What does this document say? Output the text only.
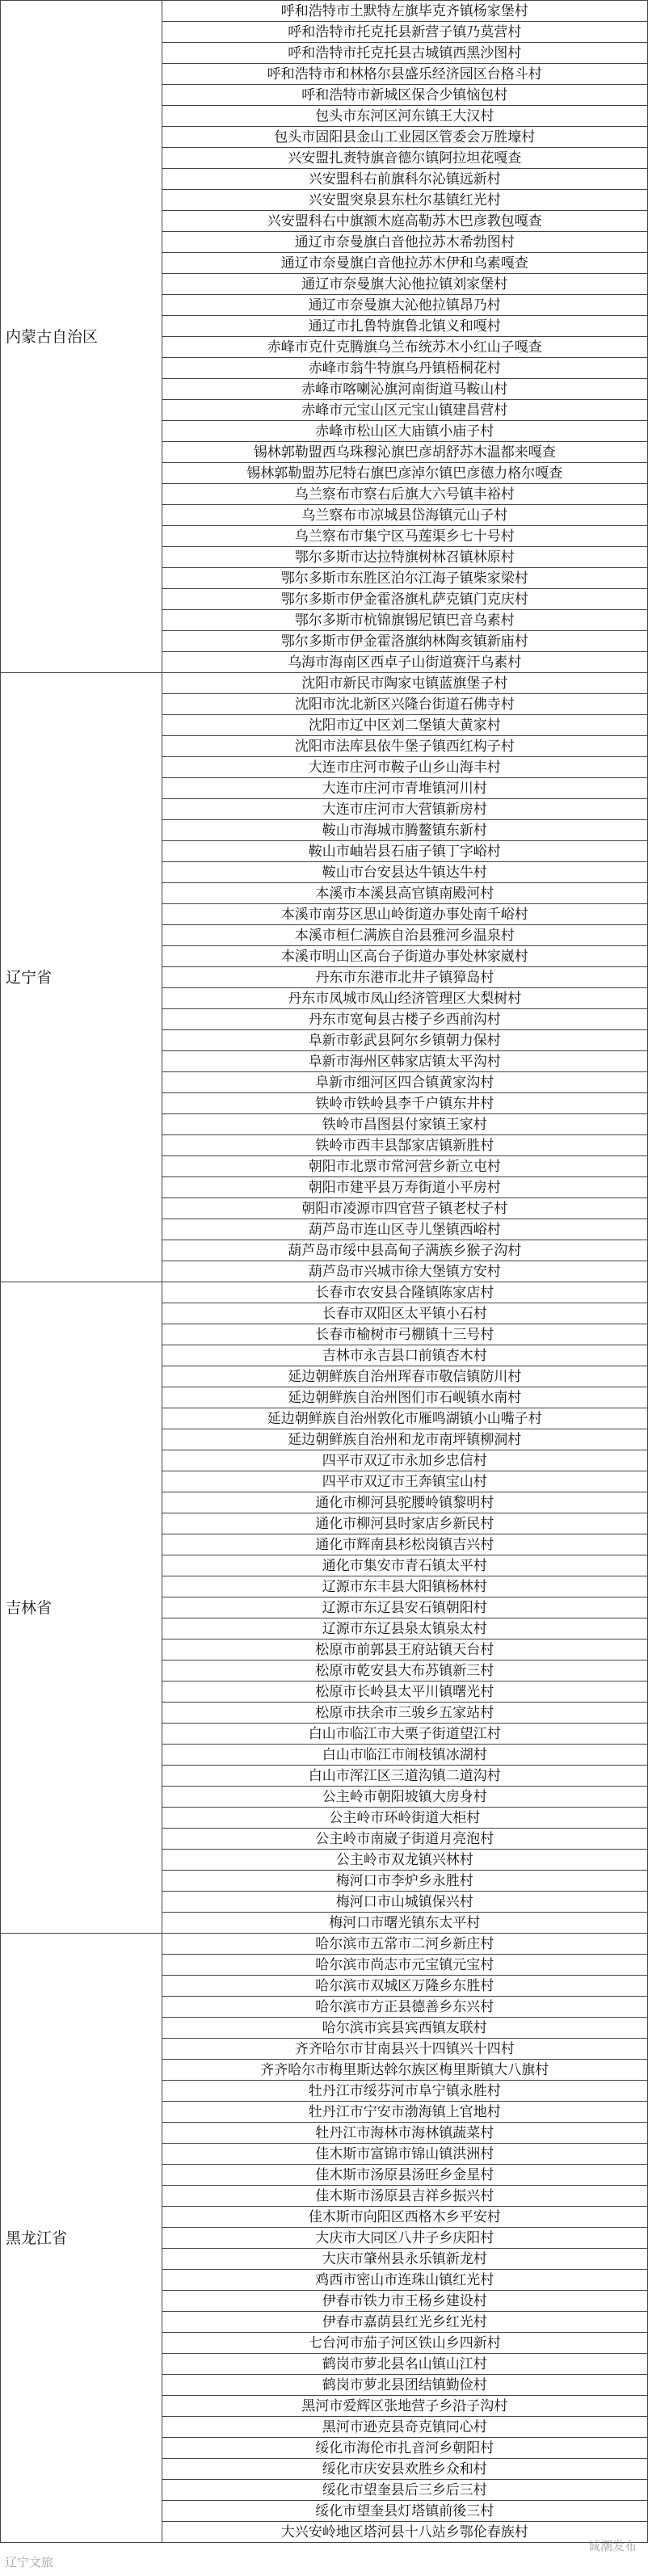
内蒙古自治区	呼和浩特市土默特左旗毕克齐镇杨家堡村
	呼和浩特市托克托县新营子镇乃莫营村
	呼和浩特市托克托县古城镇西黑沙图村
	呼和浩特市和林格尔县盛乐经济园区台格斗村
	呼和浩特市新城区保合少镇恼包村
	包头市东河区河东镇王大汉村
	包头市固阳县金山工业园区管委会万胜壕村
	兴安盟扎赉特旗音德尔镇阿拉坦花嘎查
	兴安盟科右前旗科尔沁镇远新村
	兴安盟突泉县东杜尔基镇红光村
	兴安盟科右中旗额木庭高勒苏木巴彦教包嘎查
	通辽市奈曼旗白音他拉苏木希勃图村
	通辽市奈曼旗白音他拉苏木伊和乌素嘎查
	通辽市奈曼旗大沁他拉镇刘家堡村
	通辽市奈曼旗大沁他拉镇昂乃村
	通辽市扎鲁特旗鲁北镇义和嘎村
	赤峰市克什克腾旗乌兰布统苏木小红山子嘎查
	赤峰市翁牛特旗乌丹镇梧桐花村
	赤峰市喀喇沁旗河南街道马鞍山村
	赤峰市元宝山区元宝山镇建昌营村
	赤峰市松山区大庙镇小庙子村
	锡林郭勒盟西乌珠穆沁旗巴彦胡舒苏木温都来嘎查
	锡林郭勒盟苏尼特右旗巴彦淖尔镇巴彦德力格尔嘎查
	乌兰察布市察右后旗大六号镇丰裕村
	乌兰察布市凉城县岱海镇元山子村
	乌兰察布市集宁区马莲渠乡七十号村
	鄂尔多斯市达拉特旗树林召镇林原村
	鄂尔多斯市东胜区泊尔江海子镇柴家梁村
	鄂尔多斯市伊金霍洛旗札萨克镇门克庆村
	鄂尔多斯市杭锦旗锡尼镇巴音乌素村
	鄂尔多斯市伊金霍洛旗纳林陶亥镇新庙村
	乌海市海南区西卓子山街道赛汗乌素村
辽宁省	沈阳市新民市陶家屯镇蓝旗堡子村
	沈阳市沈北新区兴隆台街道石佛寺村
	沈阳市辽中区刘二堡镇大黄家村
	沈阳市法库县依牛堡子镇西红构子村
	大连市庄河市鞍子山乡山海丰村
	大连市庄河市青堆镇河川村
	大连市庄河市大营镇新房村
	鞍山市海城市腾鳌镇东新村
	鞍山市岫岩县石庙子镇丁字峪村
	鞍山市台安县达牛镇达牛村
	本溪市本溪县高官镇南殿河村
	本溪市南芬区思山岭街道办事处南千峪村
	本溪市桓仁满族自治县雅河乡温泉村
	本溪市明山区高台子街道办事处林家崴村
	丹东市东港市北井子镇獐岛村
	丹东市凤城市凤山经济管理区大梨树村
	丹东市宽甸县古楼子乡西前沟村
	阜新市彰武县阿尔乡镇朝力保村
	阜新市海州区韩家店镇太平沟村
	阜新市细河区四合镇黄家沟村
	铁岭市铁岭县李千户镇东井村
	铁岭市昌图县付家镇王家村
	铁岭市西丰县郜家店镇新胜村
	朝阳市北票市常河营乡新立屯村
	朝阳市建平县万寿街道小平房村
	朝阳市凌源市四官营子镇老杖子村
	葫芦岛市连山区寺儿堡镇西峪村
	葫芦岛市绥中县高甸子满族乡猴子沟村
	葫芦岛市兴城市徐大堡镇方安村
吉林省	长春市农安县合隆镇陈家店村
	长春市双阳区太平镇小石村
	长春市榆树市弓棚镇十三号村
	吉林市永吉县口前镇杏木村
	延边朝鲜族自治州珲春市敬信镇防川村
	延边朝鲜族自治州图们市石岘镇水南村
	延边朝鲜族自治州敦化市雁鸣湖镇小山嘴子村
	延边朝鲜族自治州和龙市南坪镇柳洞村
	四平市双辽市永加乡忠信村
	四平市双辽市王奔镇宝山村
	通化市柳河县驼腰岭镇黎明村
	通化市柳河县时家店乡新民村
	通化市辉南县杉松岗镇吉兴村
	通化市集安市青石镇太平村
	辽源市东丰县大阳镇杨林村
	辽源市东辽县安石镇朝阳村
	辽源市东辽县泉太镇泉太村
	松原市前郭县王府站镇天台村
	松原市乾安县大布苏镇新三村
	松原市长岭县太平川镇曙光村
	松原市扶余市三骏乡五家站村
	白山市临江市大栗子街道望江村
	白山市临江市闹枝镇冰湖村
	白山市浑江区三道沟镇二道沟村
	公主岭市朝阳坡镇大房身村
	公主岭市环岭街道大柜村
	公主岭市南崴子街道月亮泡村
	公主岭市双龙镇兴林村
	梅河口市李炉乡永胜村
	梅河口市山城镇保兴村
	梅河口市曙光镇东太平村
黑龙江省	哈尔滨市五常市二河乡新庄村
	哈尔滨市尚志市元宝镇元宝村
	哈尔滨市双城区万隆乡东胜村
	哈尔滨市方正县德善乡东兴村
	哈尔滨市宾县宾西镇友联村
	齐齐哈尔市甘南县兴十四镇兴十四村
	齐齐哈尔市梅里斯达斡尔族区梅里斯镇大八旗村
	牡丹江市绥芬河市阜宁镇永胜村
	牡丹江市宁安市渤海镇上官地村
	牡丹江市海林市海林镇蔬菜村
	佳木斯市富锦市锦山镇洪洲村
	佳木斯市汤原县汤旺乡金星村
	佳木斯市汤原县吉祥乡振兴村
	佳木斯市向阳区西格木乡平安村
	大庆市大同区八井子乡庆阳村
	大庆市肇州县永乐镇新龙村
	鸡西市密山市连珠山镇红光村
	伊春市铁力市王杨乡建设村
	伊春市嘉荫县红光乡红光村
	七台河市茄子河区铁山乡四新村
	鹤岗市萝北县名山镇山江村
	鹤岗市萝北县团结镇勤俭村
	黑河市爱辉区张地营子乡沿子沟村
	黑河市逊克县奇克镇同心村
	绥化市海伦市扎音河乡朝阳村
	绥化市庆安县欢胜乡众和村
	绥化市望奎县后三乡后三村
	绥化市望奎县灯塔镇前後三村
	大兴安岭地区塔河县十八站乡鄂伦春族村
辽宁文旅
诚潮发布
